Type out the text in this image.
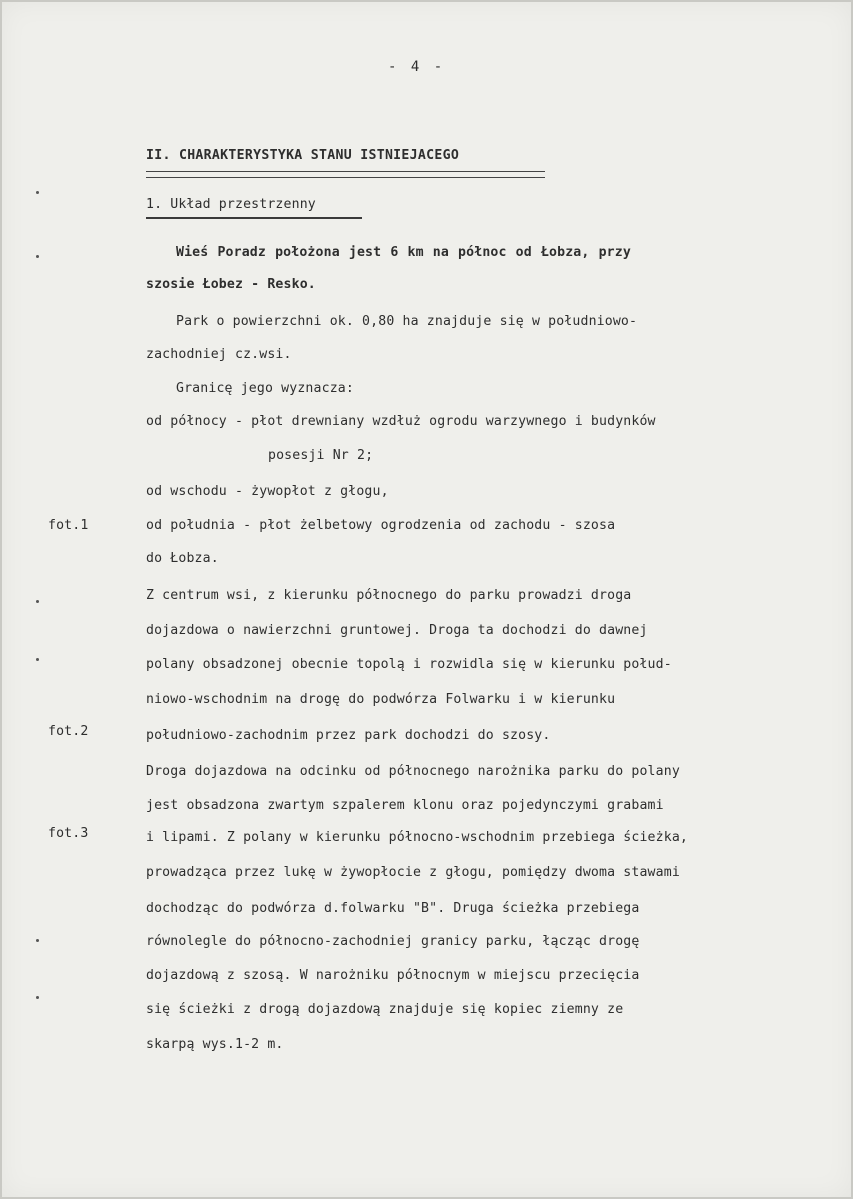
- 4 -
II. CHARAKTERYSTYKA STANU ISTNIEJACEGO
1. Układ przestrzenny
Wieś Poradz położona jest 6 km na północ od Łobza, przy
szosie Łobez - Resko.
Park o powierzchni ok. 0,80 ha znajduje się w południowo-
zachodniej cz.wsi.
Granicę jego wyznacza:
od północy - płot drewniany wzdłuż ogrodu warzywnego i budynków
posesji Nr 2;
od wschodu - żywopłot z głogu,
od południa - płot żelbetowy ogrodzenia od zachodu - szosa
do Łobza.
Z centrum wsi, z kierunku północnego do parku prowadzi droga
dojazdowa o nawierzchni gruntowej. Droga ta dochodzi do dawnej
polany obsadzonej obecnie topolą i rozwidla się w kierunku połud-
niowo-wschodnim na drogę do podwórza Folwarku i w kierunku
południowo-zachodnim przez park dochodzi do szosy.
Droga dojazdowa na odcinku od północnego narożnika parku do polany
jest obsadzona zwartym szpalerem klonu oraz pojedynczymi grabami
i lipami. Z polany w kierunku północno-wschodnim przebiega ścieżka,
prowadząca przez lukę w żywopłocie z głogu, pomiędzy dwoma stawami
dochodząc do podwórza d.folwarku "B". Druga ścieżka przebiega
równolegle do północno-zachodniej granicy parku, łącząc drogę
dojazdową z szosą. W narożniku północnym w miejscu przecięcia
się ścieżki z drogą dojazdową znajduje się kopiec ziemny ze
skarpą wys.1-2 m.
fot.1
fot.2
fot.3
